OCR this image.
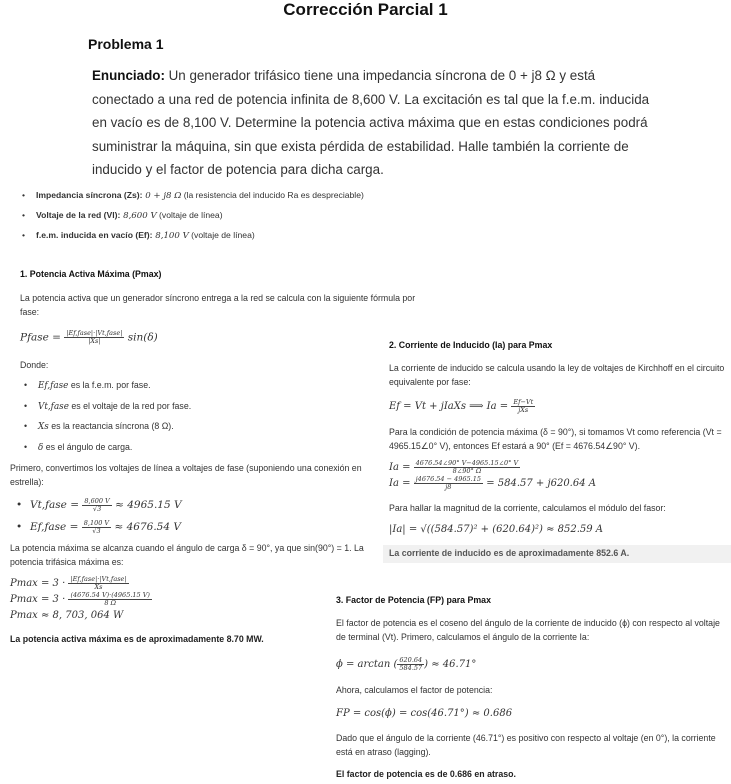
Corrección Parcial 1
Problema 1
Enunciado: Un generador trifásico tiene una impedancia síncrona de 0 + j8 Ω y está conectado a una red de potencia infinita de 8,600 V. La excitación es tal que la f.e.m. inducida en vacío es de 8,100 V. Determine la potencia activa máxima que en estas condiciones podrá suministrar la máquina, sin que exista pérdida de estabilidad. Halle también la corriente de inducido y el factor de potencia para dicha carga.
• Impedancia síncrona (Zs): 0 + j8 Ω (la resistencia del inducido Ra es despreciable)
• Voltaje de la red (Vl): 8,600 V (voltaje de línea)
• f.e.m. inducida en vacío (Ef): 8,100 V (voltaje de línea)
1. Potencia Activa Máxima (Pmax)
La potencia activa que un generador síncrono entrega a la red se calcula con la siguiente fórmula por fase:
Pfase = $\frac{\text{|Ef,fase|·|Vt,fase|}}{|Xs|} \sin(\delta)$
Donde:
• Ef,fase es la f.e.m. por fase.
• Vt,fase es el voltaje de la red por fase.
• Xs es la reactancia síncrona (8 Ω).
• δ es el ángulo de carga.
Primero, convertimos los voltajes de línea a voltajes de fase (suponiendo una conexión en estrella):
• Vt,fase = $\frac{8,600 V}{√3} \approx 4965.15$ V
• Ef,fase = $\frac{8,100 V}{√3} \approx 4676.54$ V
La potencia máxima se alcanza cuando el ángulo de carga δ = 90°, ya que sin(90°) = 1. La potencia trifásica máxima es:
$Pmax = 3 \cdot \frac{\text{|Ef,fase|·|Vt,fase|}}{Xs}$
$Pmax = 3 \cdot \frac{(4676.54 V)\cdot(4965.15 V)}{8 \Omega}$
Pmax ≈ 8, 703, 064 W
La potencia activa máxima es de aproximadamente 8.70 MW.
2. Corriente de Inducido (Ia) para Pmax
La corriente de inducido se calcula usando la ley de voltajes de Kirchhoff en el circuito equivalente por fase:
Ef = Vt + jIaXs ⟹ $Ia = \frac{Ef-Vt}{\text{jXs}}$
Para la condición de potencia máxima (δ = 90°), si tomamos Vt como referencia (Vt = 4965.15∠0° V), entonces Ef estará a 90° (Ef = 4676.54∠90° V).
$Ia = \frac{4676.54\angle 90^\circ V-4965.15\angle 0^\circ V}{8\angle 90^\circ \Omega}$
$Ia = \frac{j4676.54 - 4965.15}{j8} = 584.57 + j620.64$ A
Para hallar la magnitud de la corriente, calculamos el módulo del fasor:
|Ia| = √((584.57)² + (620.64)²) ≈ 852.59 A
La corriente de inducido es de aproximadamente 852.6 A.
3. Factor de Potencia (FP) para Pmax
El factor de potencia es el coseno del ángulo de la corriente de inducido (ϕ) con respecto al voltaje de terminal (Vt). Primero, calculamos el ángulo de la corriente Ia:
ϕ = arctan ( $\frac{620.64}{584.57}$ ) ≈ 46.71°
Ahora, calculamos el factor de potencia:
FP = cos(ϕ) = cos(46.71°) ≈ 0.686
Dado que el ángulo de la corriente (46.71°) es positivo con respecto al voltaje (en 0°), la corriente está en atraso (lagging).
El factor de potencia es de 0.686 en atraso.
